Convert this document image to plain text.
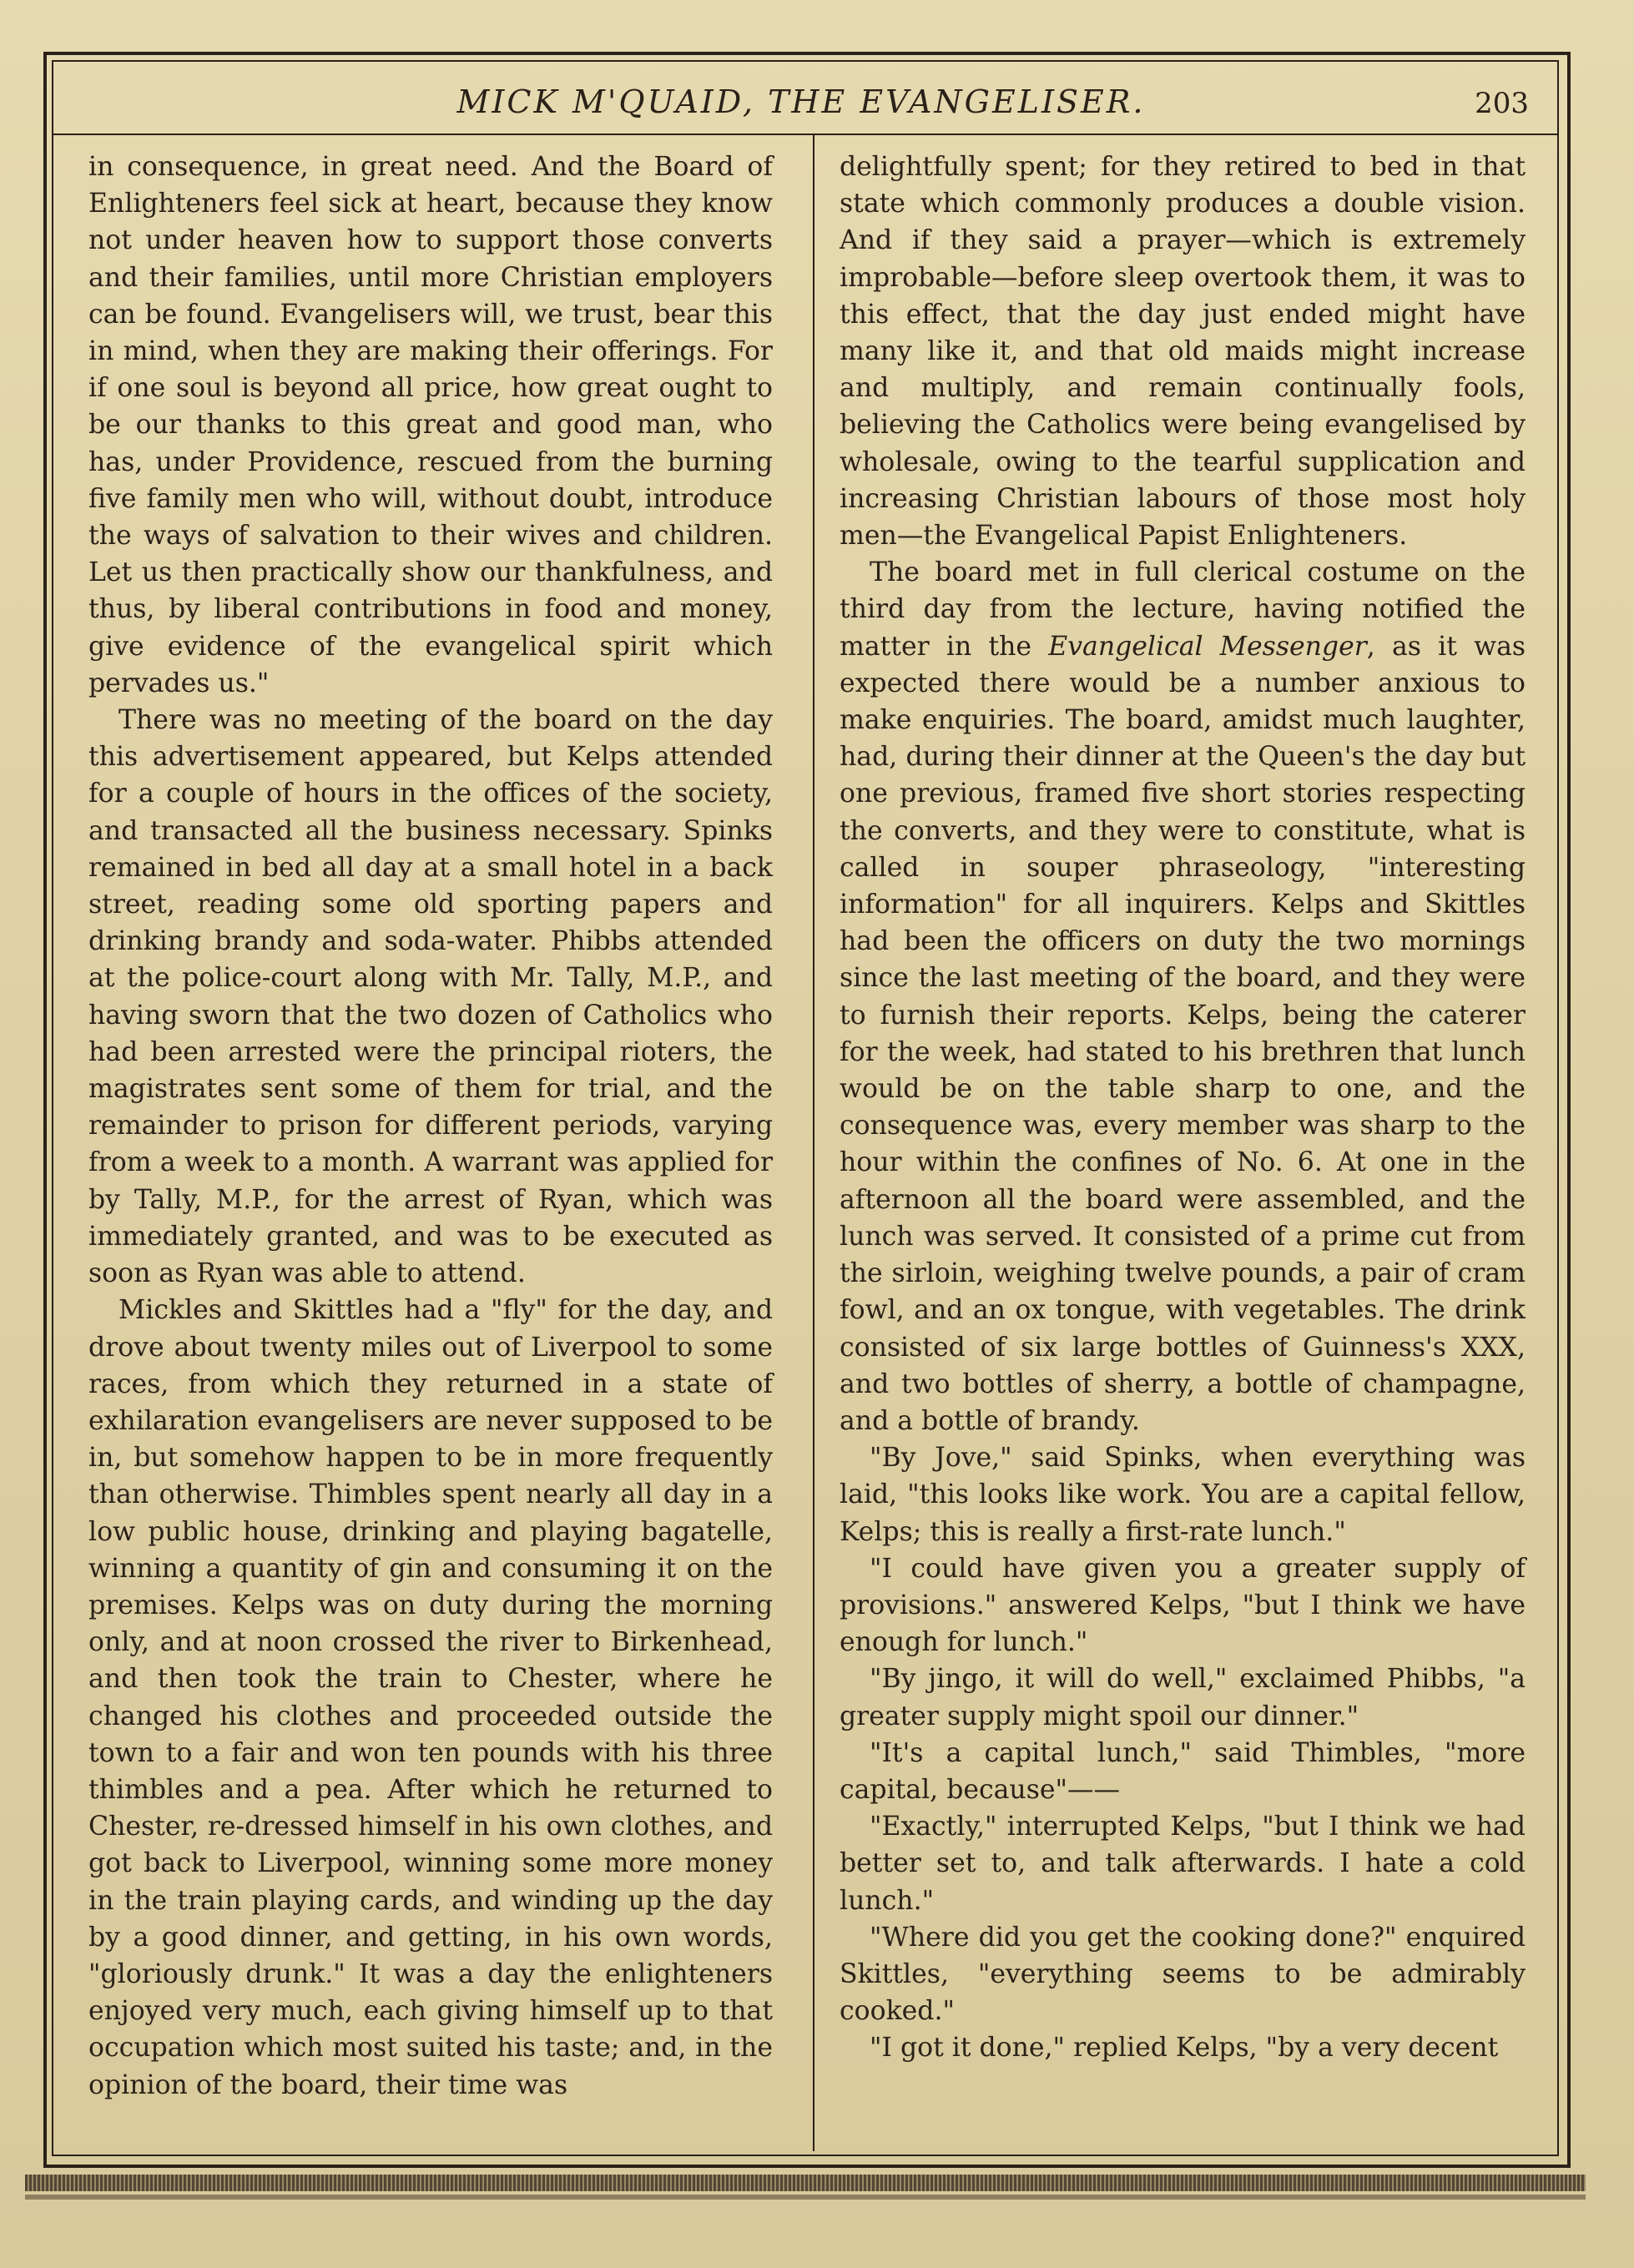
MICK M'QUAID, THE EVANGELISER.	203

in consequence, in great need. And the Board of Enlighteners feel sick at heart, because they know not under heaven how to support those converts and their families, until more Christian employers can be found. Evangelisers will, we trust, bear this in mind, when they are making their offerings. For if one soul is beyond all price, how great ought to be our thanks to this great and good man, who has, under Providence, rescued from the burning five family men who will, without doubt, introduce the ways of salvation to their wives and children. Let us then practically show our thankfulness, and thus, by liberal contributions in food and money, give evidence of the evangelical spirit which pervades us."

There was no meeting of the board on the day this advertisement appeared, but Kelps attended for a couple of hours in the offices of the society, and transacted all the business necessary. Spinks remained in bed all day at a small hotel in a back street, reading some old sporting papers and drinking brandy and soda-water. Phibbs attended at the police-court along with Mr. Tally, M.P., and having sworn that the two dozen of Catholics who had been arrested were the principal rioters, the magistrates sent some of them for trial, and the remainder to prison for different periods, varying from a week to a month. A warrant was applied for by Tally, M.P., for the arrest of Ryan, which was immediately granted, and was to be executed as soon as Ryan was able to attend.

Mickles and Skittles had a "fly" for the day, and drove about twenty miles out of Liverpool to some races, from which they returned in a state of exhilaration evangelisers are never supposed to be in, but somehow happen to be in more frequently than otherwise. Thimbles spent nearly all day in a low public house, drinking and playing bagatelle, winning a quantity of gin and consuming it on the premises. Kelps was on duty during the morning only, and at noon crossed the river to Birkenhead, and then took the train to Chester, where he changed his clothes and proceeded outside the town to a fair and won ten pounds with his three thimbles and a pea. After which he returned to Chester, re-dressed himself in his own clothes, and got back to Liverpool, winning some more money in the train playing cards, and winding up the day by a good dinner, and getting, in his own words, "gloriously drunk." It was a day the enlighteners enjoyed very much, each giving himself up to that occupation which most suited his taste; and, in the opinion of the board, their time was

delightfully spent; for they retired to bed in that state which commonly produces a double vision. And if they said a prayer—which is extremely improbable—before sleep overtook them, it was to this effect, that the day just ended might have many like it, and that old maids might increase and multiply, and remain continually fools, believing the Catholics were being evangelised by wholesale, owing to the tearful supplication and increasing Christian labours of those most holy men—the Evangelical Papist Enlighteners.

The board met in full clerical costume on the third day from the lecture, having notified the matter in the Evangelical Messenger, as it was expected there would be a number anxious to make enquiries. The board, amidst much laughter, had, during their dinner at the Queen's the day but one previous, framed five short stories respecting the converts, and they were to constitute, what is called in souper phraseology, "interesting information" for all inquirers. Kelps and Skittles had been the officers on duty the two mornings since the last meeting of the board, and they were to furnish their reports. Kelps, being the caterer for the week, had stated to his brethren that lunch would be on the table sharp to one, and the consequence was, every member was sharp to the hour within the confines of No. 6. At one in the afternoon all the board were assembled, and the lunch was served. It consisted of a prime cut from the sirloin, weighing twelve pounds, a pair of cram fowl, and an ox tongue, with vegetables. The drink consisted of six large bottles of Guinness's XXX, and two bottles of sherry, a bottle of champagne, and a bottle of brandy.

"By Jove," said Spinks, when everything was laid, "this looks like work. You are a capital fellow, Kelps; this is really a first-rate lunch."

"I could have given you a greater supply of provisions." answered Kelps, "but I think we have enough for lunch."

"By jingo, it will do well," exclaimed Phibbs, "a greater supply might spoil our dinner."

"It's a capital lunch," said Thimbles, "more capital, because"——

"Exactly," interrupted Kelps, "but I think we had better set to, and talk afterwards. I hate a cold lunch."

"Where did you get the cooking done?" enquired Skittles, "everything seems to be admirably cooked."

"I got it done," replied Kelps, "by a very decent
